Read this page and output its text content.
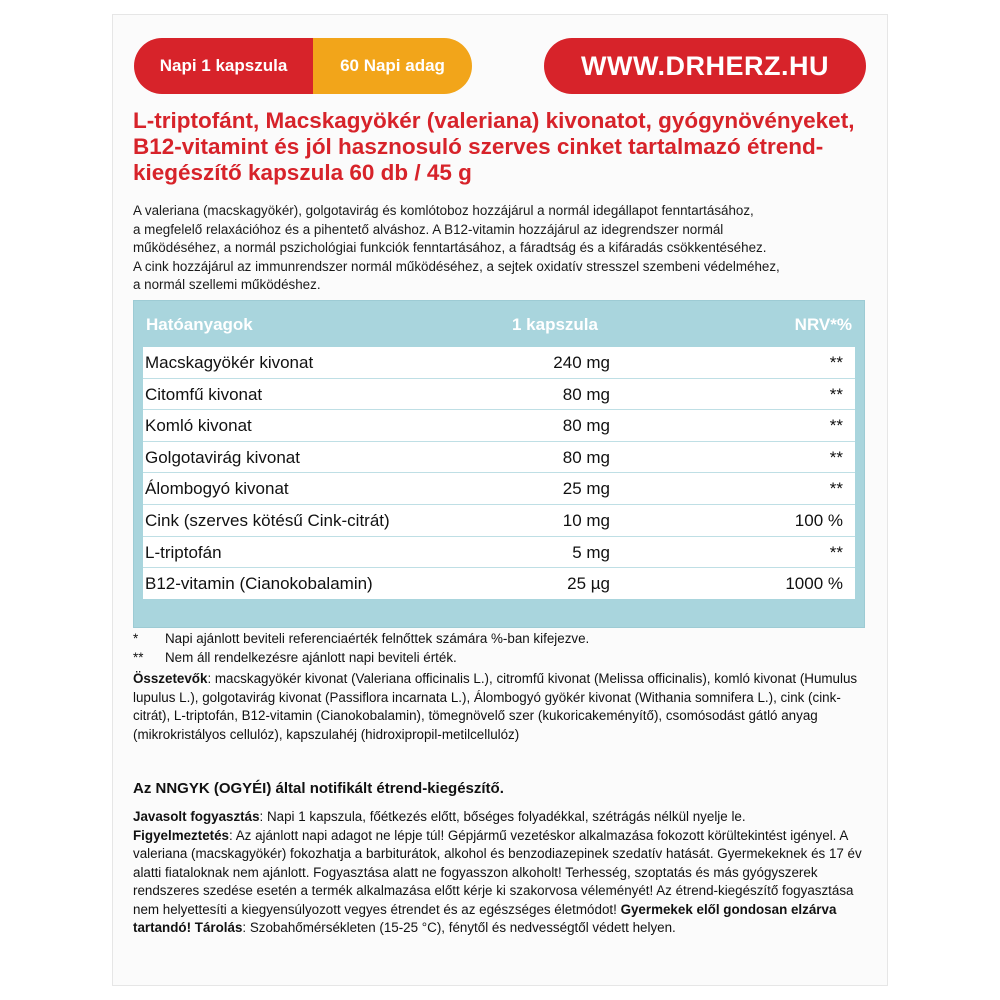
Napi 1 kapszula	60 Napi adag	WWW.DRHERZ.HU
L-triptofánt, Macskagyökér (valeriana) kivonatot, gyógynövényeket, B12-vitamint és jól hasznosuló szerves cinket tartalmazó étrend-kiegészítő kapszula 60 db / 45 g
A valeriana (macskagyökér), golgotavirág és komlótoboz hozzájárul a normál idegállapot fenntartásához,
a megfelelő relaxációhoz és a pihentető alváshoz. A B12-vitamin hozzájárul az idegrendszer normál
működéséhez, a normál pszichológiai funkciók fenntartásához, a fáradtság és a kifáradás csökkentéséhez.
A cink hozzájárul az immunrendszer normál működéséhez, a sejtek oxidatív stresszel szembeni védelméhez,
a normál szellemi működéshez.
Hatóanyagok	1 kapszula	NRV*%
Macskagyökér kivonat	240 mg	**
Citomfű kivonat	80 mg	**
Komló kivonat	80 mg	**
Golgotavirág kivonat	80 mg	**
Álombogyó kivonat	25 mg	**
Cink (szerves kötésű Cink-citrát)	10 mg	100 %
L-triptofán	5 mg	**
B12-vitamin (Cianokobalamin)	25 µg	1000 %
* Napi ajánlott beviteli referenciaérték felnőttek számára %-ban kifejezve.
** Nem áll rendelkezésre ajánlott napi beviteli érték.
Összetevők: macskagyökér kivonat (Valeriana officinalis L.), citromfű kivonat (Melissa officinalis), komló kivonat (Humulus lupulus L.), golgotavirág kivonat (Passiflora incarnata L.), Álombogyó gyökér kivonat (Withania somnifera L.), cink (cink-citrát), L-triptofán, B12-vitamin (Cianokobalamin), tömegnövelő szer (kukoricakeményítő), csomósodást gátló anyag (mikrokristályos cellulóz), kapszulahéj (hidroxipropil-metilcellulóz)
Az NNGYK (OGYÉI) által notifikált étrend-kiegészítő.
Javasolt fogyasztás: Napi 1 kapszula, főétkezés előtt, bőséges folyadékkal, szétrágás nélkül nyelje le.
Figyelmeztetés: Az ajánlott napi adagot ne lépje túl! Gépjármű vezetéskor alkalmazása fokozott körültekintést igényel. A valeriana (macskagyökér) fokozhatja a barbiturátok, alkohol és benzodiazepinek szedatív hatását. Gyermekeknek és 17 év alatti fiataloknak nem ajánlott. Fogyasztása alatt ne fogyasszon alkoholt! Terhesség, szoptatás és más gyógyszerek rendszeres szedése esetén a termék alkalmazása előtt kérje ki szakorvosa véleményét! Az étrend-kiegészítő fogyasztása nem helyettesíti a kiegyensúlyozott vegyes étrendet és az egészséges életmódot! Gyermekek elől gondosan elzárva tartandó! Tárolás: Szobahőmérsékleten (15-25 °C), fénytől és nedvességtől védett helyen.
